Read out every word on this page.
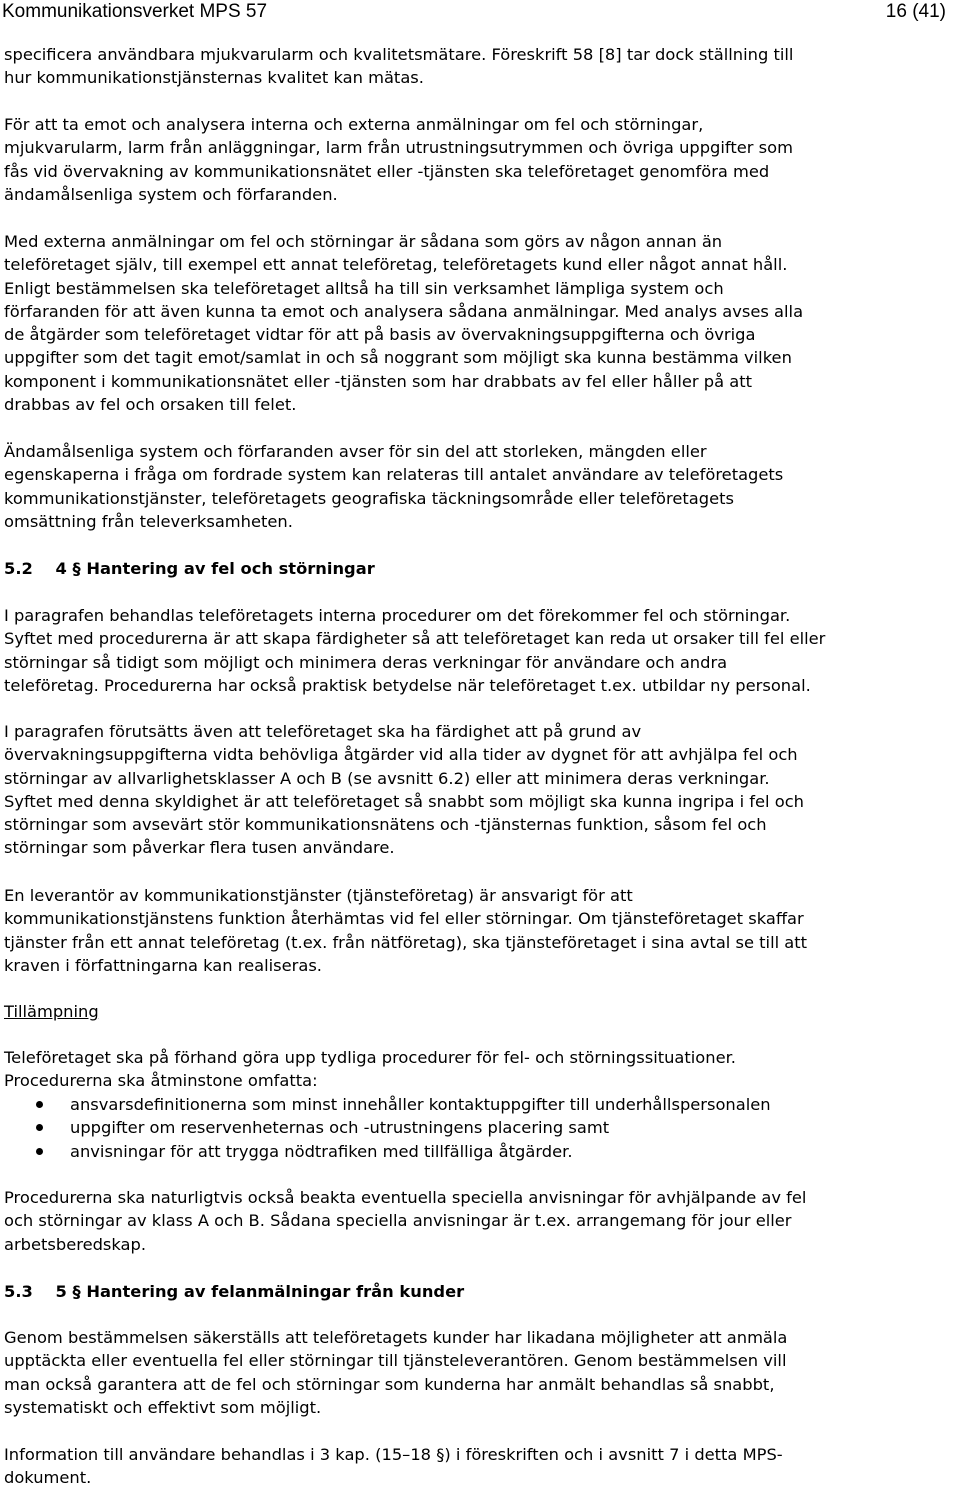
Kommunikationsverket MPS 57	16 (41)

specificera användbara mjukvarularm och kvalitetsmätare. Föreskrift 58 [8] tar dock ställning till
hur kommunikationstjänsternas kvalitet kan mätas.

För att ta emot och analysera interna och externa anmälningar om fel och störningar,
mjukvarularm, larm från anläggningar, larm från utrustningsutrymmen och övriga uppgifter som
fås vid övervakning av kommunikationsnätet eller -tjänsten ska teleföretaget genomföra med
ändamålsenliga system och förfaranden.

Med externa anmälningar om fel och störningar är sådana som görs av någon annan än
teleföretaget själv, till exempel ett annat teleföretag, teleföretagets kund eller något annat håll.
Enligt bestämmelsen ska teleföretaget alltså ha till sin verksamhet lämpliga system och
förfaranden för att även kunna ta emot och analysera sådana anmälningar. Med analys avses alla
de åtgärder som teleföretaget vidtar för att på basis av övervakningsuppgifterna och övriga
uppgifter som det tagit emot/samlat in och så noggrant som möjligt ska kunna bestämma vilken
komponent i kommunikationsnätet eller -tjänsten som har drabbats av fel eller håller på att
drabbas av fel och orsaken till felet.

Ändamålsenliga system och förfaranden avser för sin del att storleken, mängden eller
egenskaperna i fråga om fordrade system kan relateras till antalet användare av teleföretagets
kommunikationstjänster, teleföretagets geografiska täckningsområde eller teleföretagets
omsättning från televerksamheten.

5.2    4 § Hantering av fel och störningar

I paragrafen behandlas teleföretagets interna procedurer om det förekommer fel och störningar.
Syftet med procedurerna är att skapa färdigheter så att teleföretaget kan reda ut orsaker till fel eller
störningar så tidigt som möjligt och minimera deras verkningar för användare och andra
teleföretag. Procedurerna har också praktisk betydelse när teleföretaget t.ex. utbildar ny personal.

I paragrafen förutsätts även att teleföretaget ska ha färdighet att på grund av
övervakningsuppgifterna vidta behövliga åtgärder vid alla tider av dygnet för att avhjälpa fel och
störningar av allvarlighetsklasser A och B (se avsnitt 6.2) eller att minimera deras verkningar.
Syftet med denna skyldighet är att teleföretaget så snabbt som möjligt ska kunna ingripa i fel och
störningar som avsevärt stör kommunikationsnätens och -tjänsternas funktion, såsom fel och
störningar som påverkar flera tusen användare.

En leverantör av kommunikationstjänster (tjänsteföretag) är ansvarigt för att
kommunikationstjänstens funktion återhämtas vid fel eller störningar. Om tjänsteföretaget skaffar
tjänster från ett annat teleföretag (t.ex. från nätföretag), ska tjänsteföretaget i sina avtal se till att
kraven i författningarna kan realiseras.

Tillämpning

Teleföretaget ska på förhand göra upp tydliga procedurer för fel- och störningssituationer.
Procedurerna ska åtminstone omfatta:

ansvarsdefinitionerna som minst innehåller kontaktuppgifter till underhållspersonalen
uppgifter om reservenheternas och -utrustningens placering samt
anvisningar för att trygga nödtrafiken med tillfälliga åtgärder.

Procedurerna ska naturligtvis också beakta eventuella speciella anvisningar för avhjälpande av fel
och störningar av klass A och B. Sådana speciella anvisningar är t.ex. arrangemang för jour eller
arbetsberedskap.

5.3    5 § Hantering av felanmälningar från kunder

Genom bestämmelsen säkerställs att teleföretagets kunder har likadana möjligheter att anmäla
upptäckta eller eventuella fel eller störningar till tjänsteleverantören. Genom bestämmelsen vill
man också garantera att de fel och störningar som kunderna har anmält behandlas så snabbt,
systematiskt och effektivt som möjligt.

Information till användare behandlas i 3 kap. (15–18 §) i föreskriften och i avsnitt 7 i detta MPS-
dokument.
